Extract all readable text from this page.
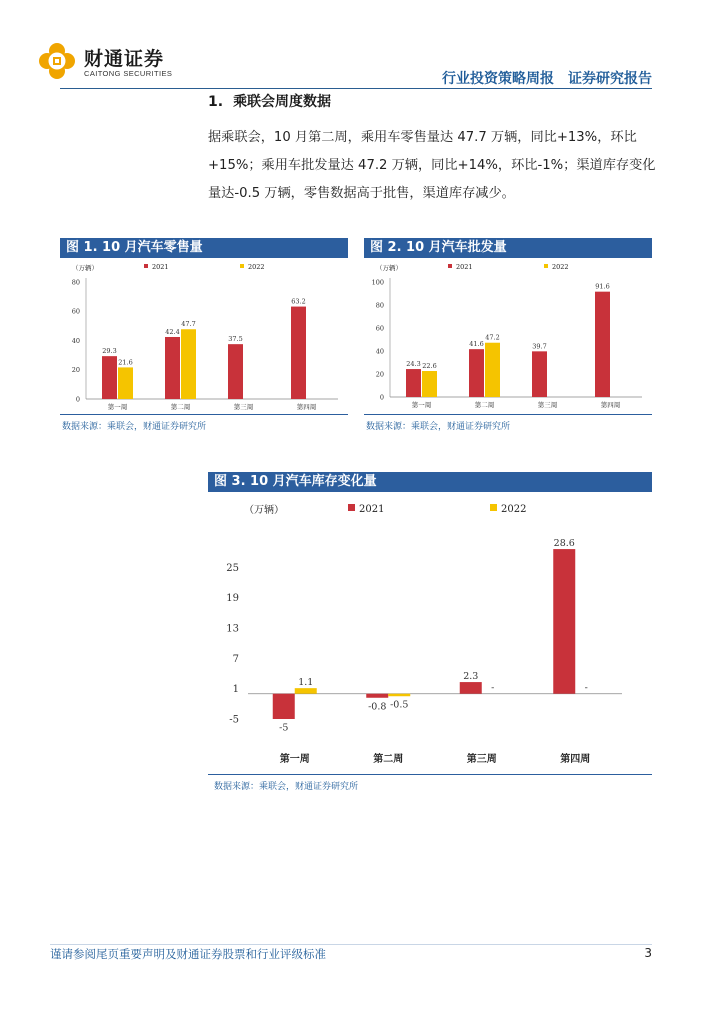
财通证券
CAITONG SECURITIES	行业投资策略周报 证券研究报告
1. 乘联会周度数据
据乘联会，10 月第二周，乘用车零售量达 47.7 万辆，同比+13%，环比+15%；乘用车批发量达 47.2 万辆，同比+14%，环比-1%；渠道库存变化量达-0.5 万辆，零售数据高于批售，渠道库存减少。
图 1. 10 月汽车零售量
（万辆）	2021	2022
0
20
40
60
80
29.3
21.6
第一周
42.4
47.7
第二周
37.5
第三周
63.2
第四周
数据来源：乘联会，财通证券研究所
图 2. 10 月汽车批发量
（万辆）	2021	2022
0
20
40
60
80
100
24.3 22.6
第一周
41.6
47.2
第二周
39.7
第三周
91.6
第四周
数据来源：乘联会，财通证券研究所
图 3. 10 月汽车库存变化量
（万辆）	2021	2022
-5
1
7
13
19
25
-5
1.1
第一周
-0.8 -0.5
第二周
2.3
-
第三周
28.6
-
第四周
数据来源：乘联会，财通证券研究所
谨请参阅尾页重要声明及财通证券股票和行业评级标准	3
